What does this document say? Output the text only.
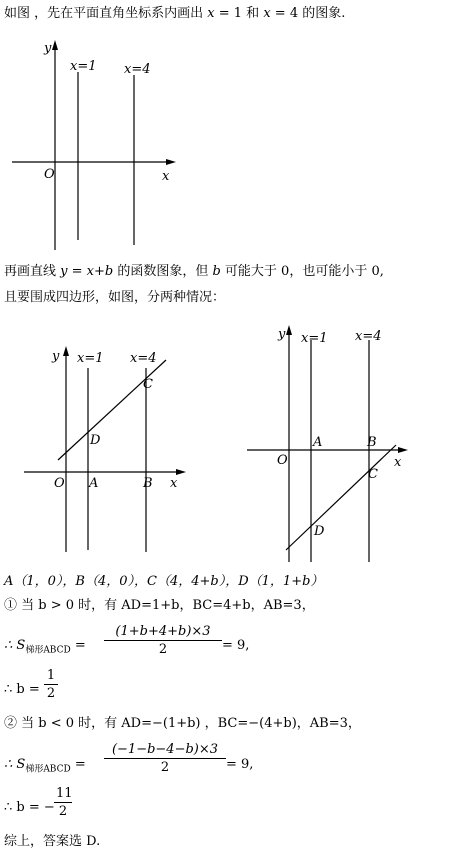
如图 ，先在平面直角坐标系内画出 x = 1 和 x = 4 的图象.
y
x
O
x=1 x=4
再画直线 y = x+b 的函数图象，但 b 可能大于 0，也可能小于 0,
且要围成四边形，如图，分两种情况：
y
x
O
x=1 x=4
A	B
C
D
y
x
O
x=1 x=4
A	B
C
D
A（1，0），B（4，0），C（4，4+b），D（1，1+b）
① 当 b > 0 时，有 AD=1+b，BC=4+b，AB=3，
∴ $S_{梯形ABCD} = \frac{(1+b+4+b)\times 3}{2} = 9$,
∴ $b = \frac{1}{2}$
② 当 b < 0 时，有 AD=−(1+b) ，BC=−(4+b)，AB=3，
∴ $S_{梯形ABCD} = \frac{(-1-b-4-b)\times 3}{2} = 9$,
∴ b = − $\frac{11}{2}$
综上，答案选 D.
